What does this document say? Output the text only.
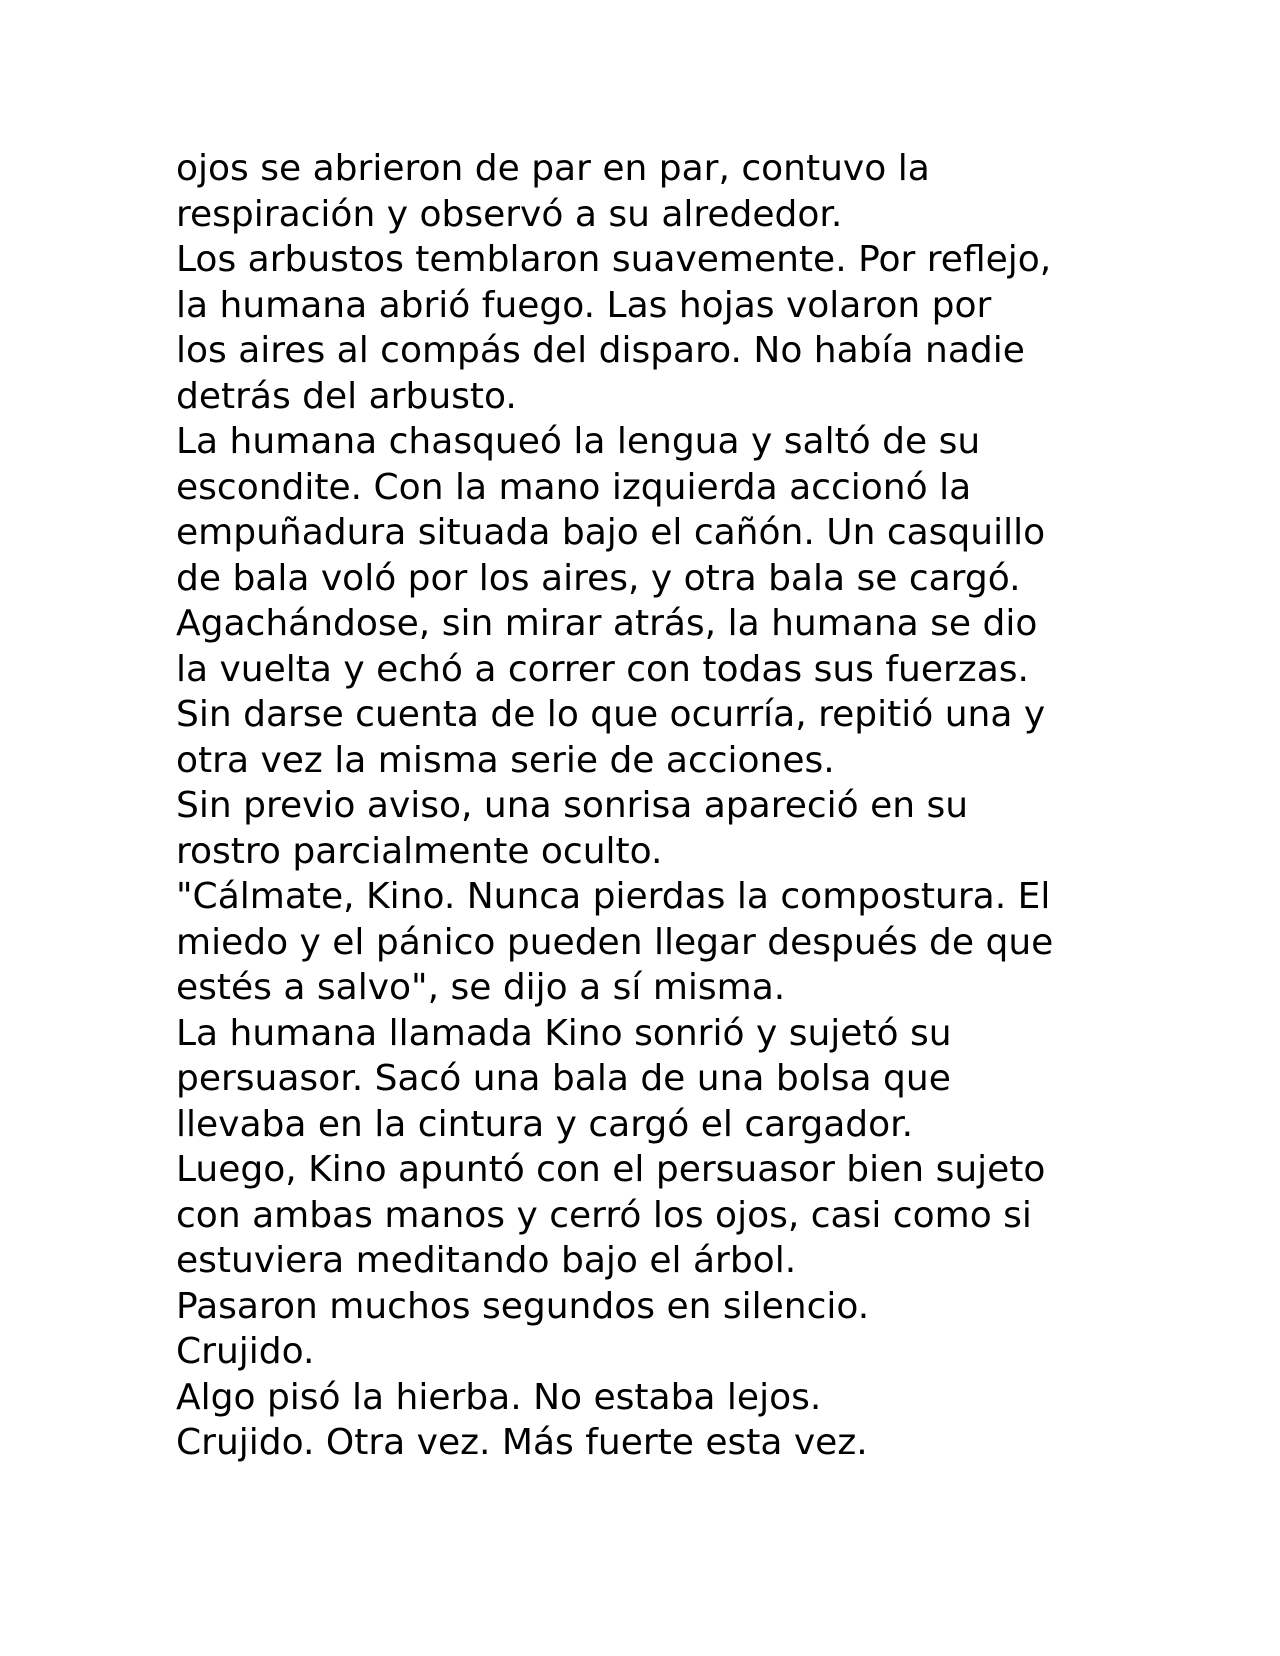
ojos se abrieron de par en par, contuvo la
respiración y observó a su alrededor.
Los arbustos temblaron suavemente. Por reflejo,
la humana abrió fuego. Las hojas volaron por
los aires al compás del disparo. No había nadie
detrás del arbusto.
La humana chasqueó la lengua y saltó de su
escondite. Con la mano izquierda accionó la
empuñadura situada bajo el cañón. Un casquillo
de bala voló por los aires, y otra bala se cargó.
Agachándose, sin mirar atrás, la humana se dio
la vuelta y echó a correr con todas sus fuerzas.
Sin darse cuenta de lo que ocurría, repitió una y
otra vez la misma serie de acciones.
Sin previo aviso, una sonrisa apareció en su
rostro parcialmente oculto.
"Cálmate, Kino. Nunca pierdas la compostura. El
miedo y el pánico pueden llegar después de que
estés a salvo", se dijo a sí misma.
La humana llamada Kino sonrió y sujetó su
persuasor. Sacó una bala de una bolsa que
llevaba en la cintura y cargó el cargador.
Luego, Kino apuntó con el persuasor bien sujeto
con ambas manos y cerró los ojos, casi como si
estuviera meditando bajo el árbol.
Pasaron muchos segundos en silencio.
Crujido.
Algo pisó la hierba. No estaba lejos.
Crujido. Otra vez. Más fuerte esta vez.
